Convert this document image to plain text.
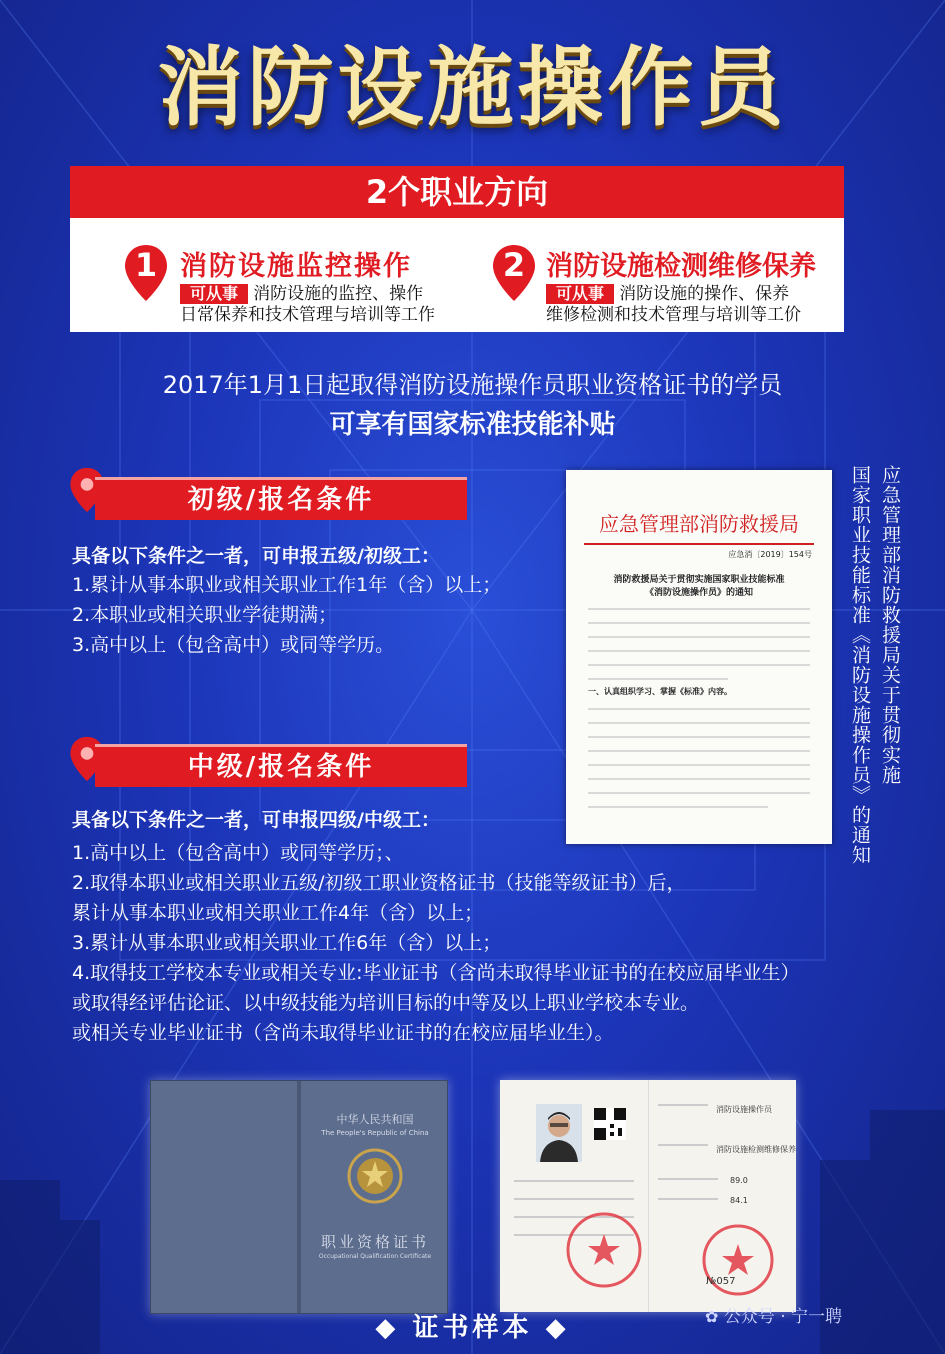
消防设施操作员
2个职业方向
1 消防设施监控操作
可从事 消防设施的监控、操作
日常保养和技术管理与培训等工作
2 消防设施检测维修保养
可从事 消防设施的操作、保养
维修检测和技术管理与培训等工价
2017年1月1日起取得消防设施操作员职业资格证书的学员
可享有国家标准技能补贴
初级/报名条件
具备以下条件之一者，可申报五级/初级工：
1.累计从事本职业或相关职业工作1年（含）以上；
2.本职业或相关职业学徒期满；
3.高中以上（包含高中）或同等学历。
中级/报名条件
具备以下条件之一者，可申报四级/中级工：
1.高中以上（包含高中）或同等学历；、
2.取得本职业或相关职业五级/初级工职业资格证书（技能等级证书）后，
累计从事本职业或相关职业工作4年（含）以上；
3.累计从事本职业或相关职业工作6年（含）以上；
4.取得技工学校本专业或相关专业:毕业证书（含尚未取得毕业证书的在校应届毕业生）
或取得经评估论证、以中级技能为培训目标的中等及以上职业学校本专业。
或相关专业毕业证书（含尚未取得毕业证书的在校应届毕业生）。
应急管理部消防救援局
应急消〔2019〕154号
消防救援局关于贯彻实施国家职业技能标准
《消防设施操作员》的通知
一、认真组织学习、掌握《标准》内容。	应急管理部消防救援局关于贯彻实施
国家职业技能标准《消防设施操作员》的通知
中华人民共和国
The People's Republic of China
职业资格证书
Occupational Qualification Certificate
消防设施操作员
消防设施检测维修保养
89.0
84.1
№057
◆ 证书样本 ◆	✿ 公众号 · 宁一聘
